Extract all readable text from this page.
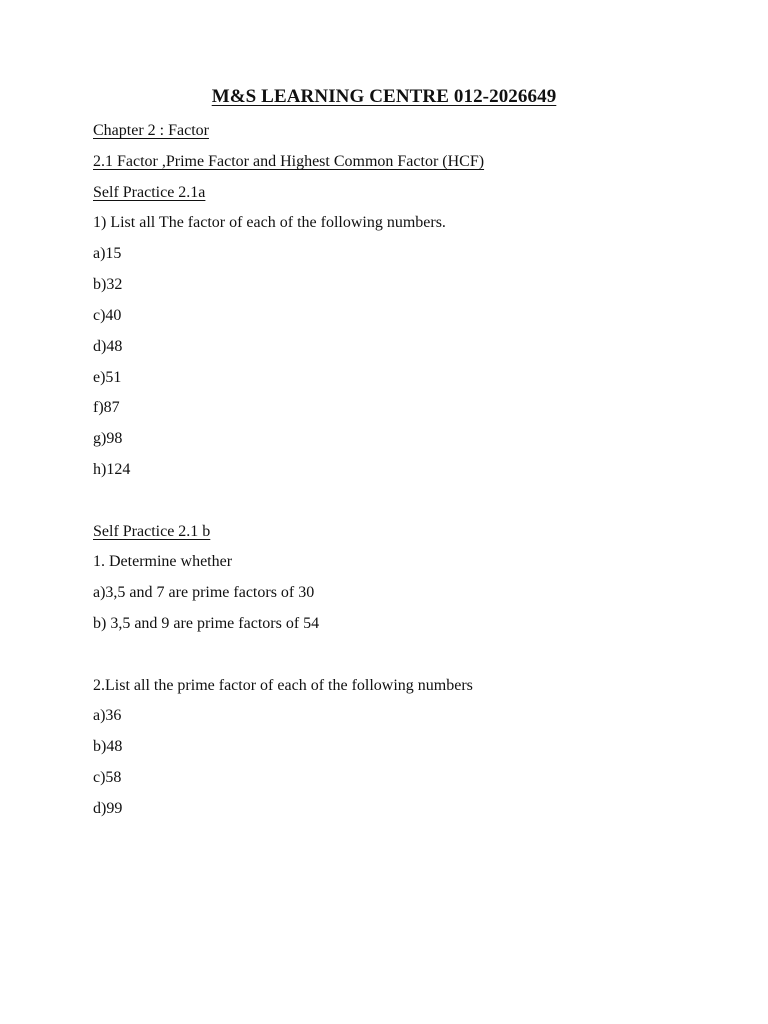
M&S LEARNING CENTRE 012-2026649
Chapter 2 : Factor
2.1 Factor ,Prime Factor and Highest Common Factor (HCF)
Self Practice 2.1a
1) List all The factor of each of the following numbers.
a)15
b)32
c)40
d)48
e)51
f)87
g)98
h)124
Self Practice 2.1 b
1. Determine whether
a)3,5 and 7 are prime factors of 30
b) 3,5 and 9 are prime factors of 54
2.List all the prime factor of each of the following numbers
a)36
b)48
c)58
d)99
